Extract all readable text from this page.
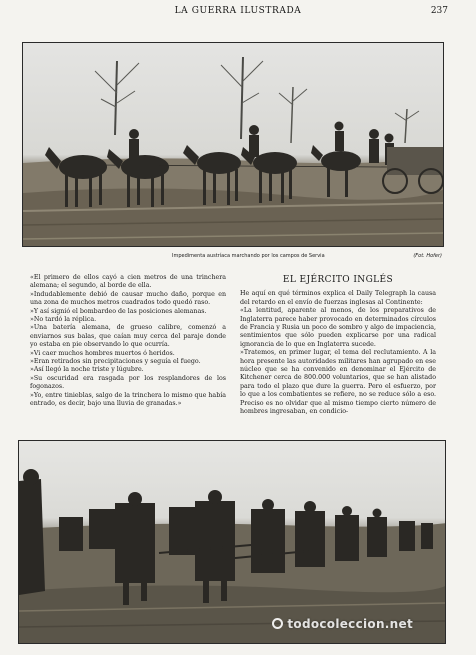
LA GUERRA ILUSTRADA	237
Impedimenta austríaca marchando por los campos de Servia	(Fot. Hofer)

«El primero de ellos cayó a cien metros de una trinchera alemana; el segundo, al borde de ella.

»Indudablemente debió de causar mucho daño, porque en una zona de muchos metros cuadrados todo quedó raso.

»Y así signió el bombardeo de las posiciones alemanas.

»No tardó la réplica.

»Una batería alemana, de grueso calibre, comenzó a enviarnos sus balas, que caían muy cerca del paraje donde yo estaba en pie observando lo que ocurría.

»Vi caer muchos hombres muertos ó heridos.

»Eran retirados sin precipitaciones y seguía el fuego.

»Así llegó la noche triste y lúgubre.

»Su oscuridad era rasgada por los resplandores de los fogonazos.

»Yo, entre tinieblas, salgo de la trinchera lo mismo que había entrado, es decir, bajo una lluvia de granadas.»

EL EJÉRCITO INGLÉS

He aquí en qué términos explica el Daily Telegraph la causa del retardo en el envío de fuerzas inglesas al Continente:

«La lentitud, aparente al menos, de los preparativos de Inglaterra parece haber provocado en determinados círculos de Francia y Rusia un poco de sombro y algo de impaciencia, sentimientos que sólo pueden explicarse por una radical ignorancia de lo que en Inglaterra sucede.

»Tratemos, en primer lugar, el tema del reclutamiento. A la hora presente las autoridades militares han agrupado en ese núcleo que se ha convenido en denominar el Ejército de Kitchener cerca de 800.000 voluntarios, que se han alistado para todo el plazo que dure la guerra. Pero el esfuerzo, por lo que a los combatientes se refiere, no se reduce sólo a eso. Preciso es no olvidar que al mismo tiempo cierto número de hombres ingresaban, en condicio-

todocoleccion.net
